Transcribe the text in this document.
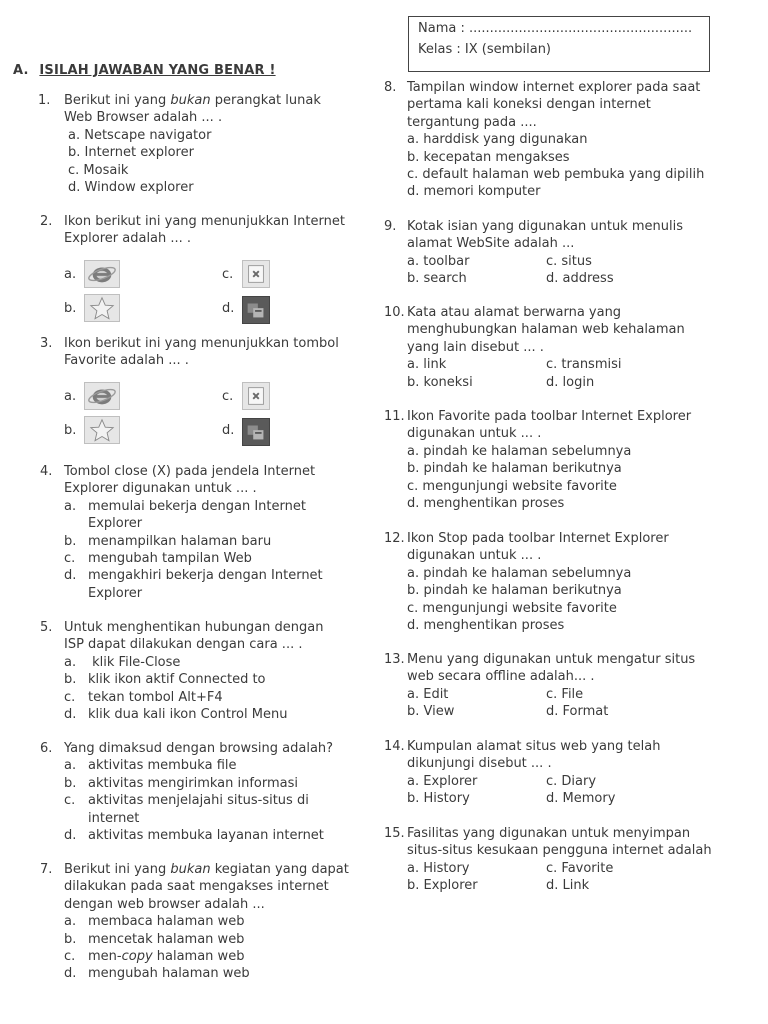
Nama : ......................................................
Kelas : IX (sembilan)
A. ISILAH JAWABAN YANG BENAR !
1. Berikut ini yang bukan perangkat lunak
Web Browser adalah ... .
a. Netscape navigator
b. Internet explorer
c. Mosaik
d. Window explorer
2. Ikon berikut ini yang menunjukkan Internet
Explorer adalah ... .
a.
b.
c.
d.
3. Ikon berikut ini yang menunjukkan tombol
Favorite adalah ... .
a.
b.
c.
d.
4. Tombol close (X) pada jendela Internet
Explorer digunakan untuk ... .
a. memulai bekerja dengan Internet
Explorer
b. menampilkan halaman baru
c. mengubah tampilan Web
d. mengakhiri bekerja dengan Internet
Explorer
5. Untuk menghentikan hubungan dengan
ISP dapat dilakukan dengan cara ... .
a. klik File-Close
b. klik ikon aktif Connected to
c. tekan tombol Alt+F4
d. klik dua kali ikon Control Menu
6. Yang dimaksud dengan browsing adalah?
a. aktivitas membuka file
b. aktivitas mengirimkan informasi
c. aktivitas menjelajahi situs-situs di
internet
d. aktivitas membuka layanan internet
7. Berikut ini yang bukan kegiatan yang dapat
dilakukan pada saat mengakses internet
dengan web browser adalah ...
a. membaca halaman web
b. mencetak halaman web
c. men-copy halaman web
d. mengubah halaman web
8. Tampilan window internet explorer pada saat
pertama kali koneksi dengan internet
tergantung pada ....
a. harddisk yang digunakan
b. kecepatan mengakses
c. default halaman web pembuka yang dipilih
d. memori komputer
9. Kotak isian yang digunakan untuk menulis
alamat WebSite adalah ...
a. toolbar	c. situs
b. search	d. address
10. Kata atau alamat berwarna yang
menghubungkan halaman web kehalaman
yang lain disebut ... .
a. link	c. transmisi
b. koneksi	d. login
11. Ikon Favorite pada toolbar Internet Explorer
digunakan untuk ... .
a. pindah ke halaman sebelumnya
b. pindah ke halaman berikutnya
c. mengunjungi website favorite
d. menghentikan proses
12. Ikon Stop pada toolbar Internet Explorer
digunakan untuk ... .
a. pindah ke halaman sebelumnya
b. pindah ke halaman berikutnya
c. mengunjungi website favorite
d. menghentikan proses
13. Menu yang digunakan untuk mengatur situs
web secara offline adalah... .
a. Edit	c. File
b. View	d. Format
14. Kumpulan alamat situs web yang telah
dikunjungi disebut ... .
a. Explorer	c. Diary
b. History	d. Memory
15. Fasilitas yang digunakan untuk menyimpan
situs-situs kesukaan pengguna internet adalah
a. History	c. Favorite
b. Explorer	d. Link
